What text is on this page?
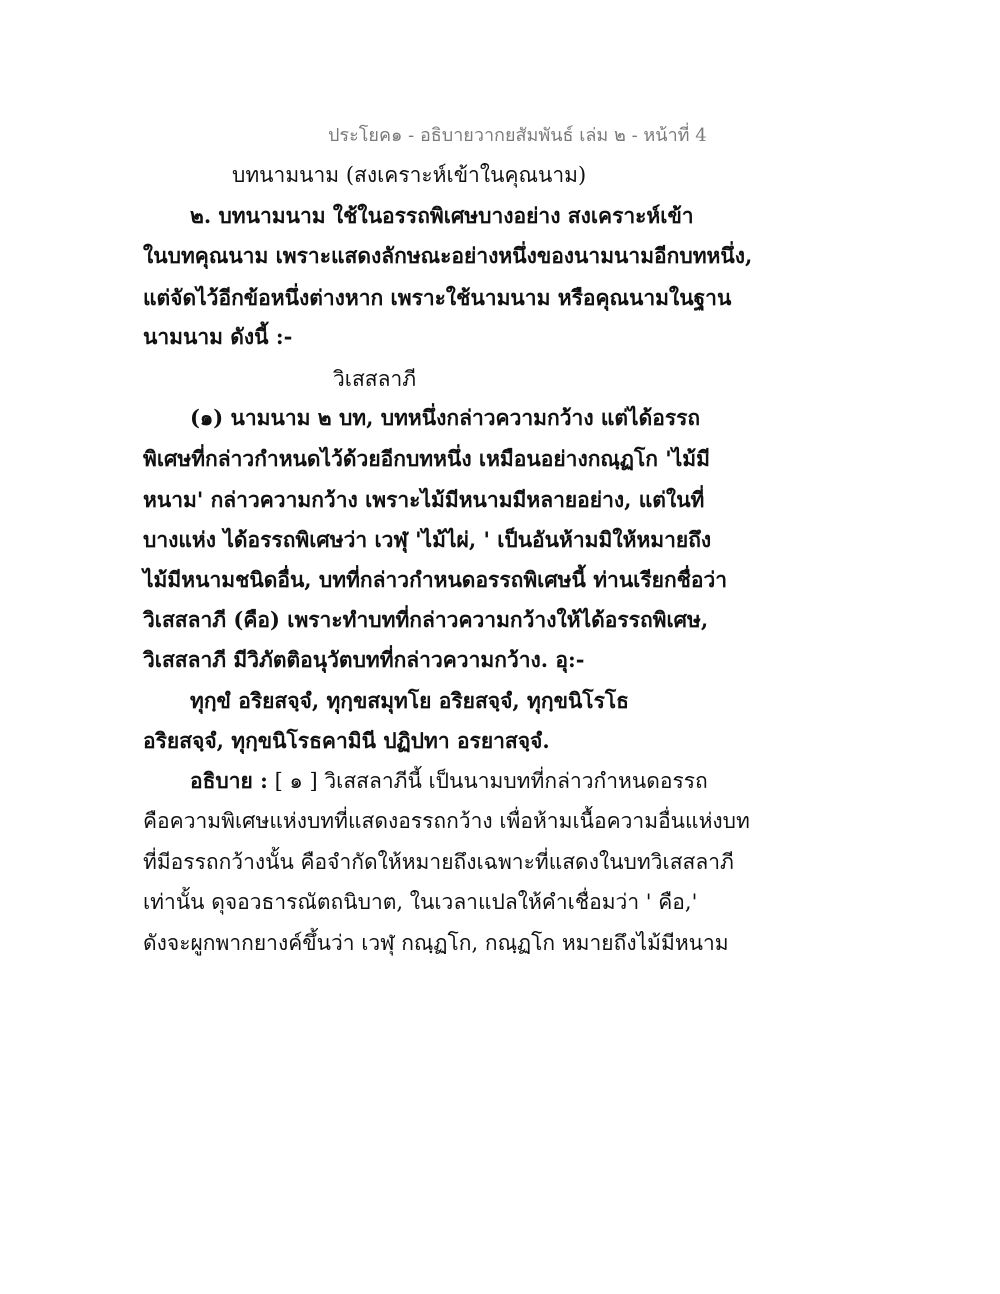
ประโยค๑ - อธิบายวากยสัมพันธ์ เล่ม ๒ - หน้าที่ 4
บทนามนาม (สงเคราะห์เข้าในคุณนาม)
๒. บทนามนาม ใช้ในอรรถพิเศษบางอย่าง สงเคราะห์เข้า
ในบทคุณนาม เพราะแสดงลักษณะอย่างหนึ่งของนามนามอีกบทหนึ่ง,
แต่จัดไว้อีกข้อหนึ่งต่างหาก เพราะใช้นามนาม หรือคุณนามในฐาน
นามนาม ดังนี้ :-
วิเสสลาภี
(๑) นามนาม ๒ บท, บทหนึ่งกล่าวความกว้าง แต่ได้อรรถ
พิเศษที่กล่าวกำหนดไว้ด้วยอีกบทหนึ่ง เหมือนอย่างกณฺฏโก 'ไม้มี
หนาม' กล่าวความกว้าง เพราะไม้มีหนามมีหลายอย่าง, แต่ในที่
บางแห่ง ได้อรรถพิเศษว่า เวฬุ 'ไม้ไผ่, ' เป็นอันห้ามมิให้หมายถึง
ไม้มีหนามชนิดอื่น, บทที่กล่าวกำหนดอรรถพิเศษนี้ ท่านเรียกชื่อว่า
วิเสสลาภี (คือ) เพราะทำบทที่กล่าวความกว้างให้ได้อรรถพิเศษ,
วิเสสลาภี มีวิภัตติอนุวัตบทที่กล่าวความกว้าง. อุ:-
ทุกฺขํ อริยสจฺจํ, ทุกฺขสมุทโย อริยสจฺจํ, ทุกฺขนิโรโธ
อริยสจฺจํ, ทุกฺขนิโรธคามินี ปฏิปทา อรยาสจฺจํ.
อธิบาย : [ ๑ ] วิเสสลาภีนี้ เป็นนามบทที่กล่าวกำหนดอรรถ
คือความพิเศษแห่งบทที่แสดงอรรถกว้าง เพื่อห้ามเนื้อความอื่นแห่งบท
ที่มีอรรถกว้างนั้น คือจำกัดให้หมายถึงเฉพาะที่แสดงในบทวิเสสลาภี
เท่านั้น ดุจอวธารณัตถนิบาต, ในเวลาแปลให้คำเชื่อมว่า ' คือ,'
ดังจะผูกพากยางค์ขึ้นว่า เวฬุ กณฺฏโก, กณฺฏโก หมายถึงไม้มีหนาม
